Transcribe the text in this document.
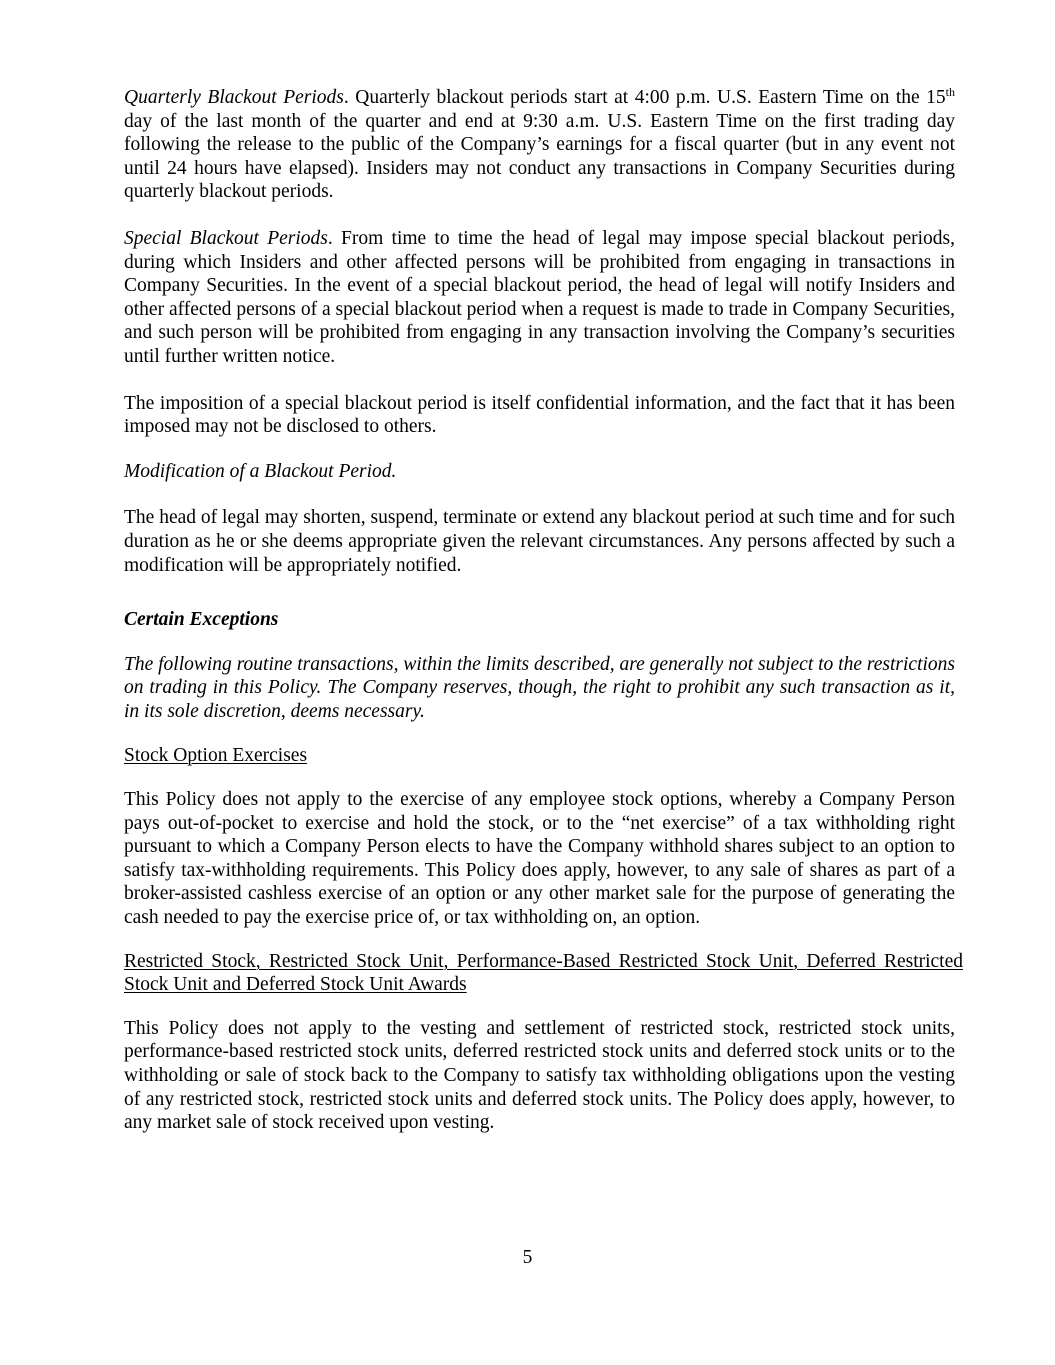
Quarterly Blackout Periods. Quarterly blackout periods start at 4:00 p.m. U.S. Eastern Time on the 15th day of the last month of the quarter and end at 9:30 a.m. U.S. Eastern Time on the first trading day following the release to the public of the Company’s earnings for a fiscal quarter (but in any event not until 24 hours have elapsed). Insiders may not conduct any transactions in Company Securities during quarterly blackout periods.

Special Blackout Periods. From time to time the head of legal may impose special blackout periods, during which Insiders and other affected persons will be prohibited from engaging in transactions in Company Securities. In the event of a special blackout period, the head of legal will notify Insiders and other affected persons of a special blackout period when a request is made to trade in Company Securities, and such person will be prohibited from engaging in any transaction involving the Company’s securities until further written notice.

The imposition of a special blackout period is itself confidential information, and the fact that it has been imposed may not be disclosed to others.

Modification of a Blackout Period.

The head of legal may shorten, suspend, terminate or extend any blackout period at such time and for such duration as he or she deems appropriate given the relevant circumstances. Any persons affected by such a modification will be appropriately notified.

Certain Exceptions

The following routine transactions, within the limits described, are generally not subject to the restrictions on trading in this Policy. The Company reserves, though, the right to prohibit any such transaction as it, in its sole discretion, deems necessary.

Stock Option Exercises

This Policy does not apply to the exercise of any employee stock options, whereby a Company Person pays out-of-pocket to exercise and hold the stock, or to the “net exercise” of a tax withholding right pursuant to which a Company Person elects to have the Company withhold shares subject to an option to satisfy tax-withholding requirements. This Policy does apply, however, to any sale of shares as part of a broker-assisted cashless exercise of an option or any other market sale for the purpose of generating the cash needed to pay the exercise price of, or tax withholding on, an option.

Restricted Stock, Restricted Stock Unit, Performance-Based Restricted Stock Unit, Deferred Restricted Stock Unit and Deferred Stock Unit Awards

This Policy does not apply to the vesting and settlement of restricted stock, restricted stock units, performance-based restricted stock units, deferred restricted stock units and deferred stock units or to the withholding or sale of stock back to the Company to satisfy tax withholding obligations upon the vesting of any restricted stock, restricted stock units and deferred stock units. The Policy does apply, however, to any market sale of stock received upon vesting.

5
